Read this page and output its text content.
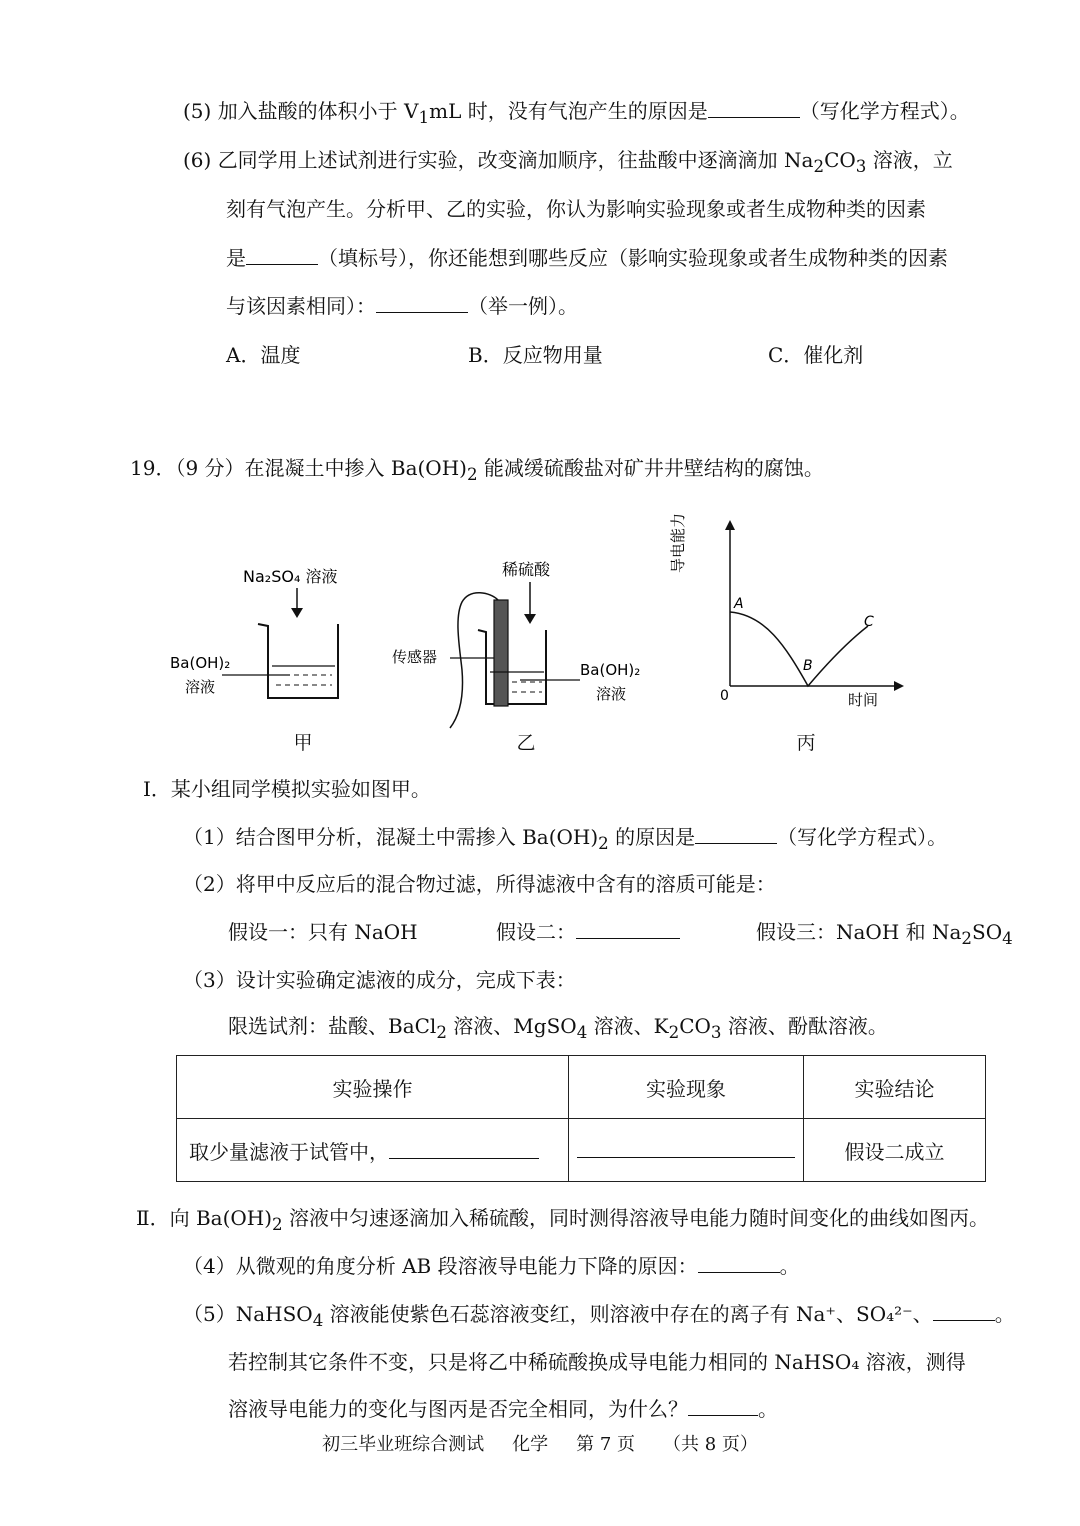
(5) 加入盐酸的体积小于 $V_1mL$ 时，没有气泡产生的原因是	（写化学方程式）。
(6) 乙同学用上述试剂进行实验，改变滴加顺序，往盐酸中逐滴滴加 $Na_2CO_3$ 溶液，立
刻有气泡产生。分析甲、乙的实验，你认为影响实验现象或者生成物种类的因素
是	（填标号），你还能想到哪些反应（影响实验现象或者生成物种类的因素
与该因素相同）：	（举一例）。
A．温度	B．反应物用量	C．催化剂
19．（9 分）在混凝土中掺入 $Ba(OH)_2$ 能减缓硫酸盐对矿井井壁结构的腐蚀。
Na₂SO₄ 溶液
Ba(OH)₂
溶液
稀硫酸
传感器
Ba(OH)₂
溶液
导电能力
时间
0
A
B
C
甲	乙	丙
Ⅰ．某小组同学模拟实验如图甲。
（1）结合图甲分析，混凝土中需掺入 $Ba(OH)_2$ 的原因是	（写化学方程式）。
（2）将甲中反应后的混合物过滤，所得滤液中含有的溶质可能是：
假设一：只有 NaOH	假设二：	假设三：NaOH 和 $Na_2SO_4$
（3）设计实验确定滤液的成分，完成下表：
限选试剂：盐酸、BaCl$_2$ 溶液、MgSO$_4$ 溶液、$K_2CO_3$ 溶液、酚酞溶液。
实验操作	实验现象	实验结论
取少量滤液于试管中，		假设二成立
Ⅱ．向 $Ba(OH)_2$ 溶液中匀速逐滴加入稀硫酸，同时测得溶液导电能力随时间变化的曲线如图丙。
（4）从微观的角度分析 AB 段溶液导电能力下降的原因：	。
（5）NaHSO$_4$ 溶液能使紫色石蕊溶液变红，则溶液中存在的离子有 Na⁺、SO₄²⁻、	。
若控制其它条件不变，只是将乙中稀硫酸换成导电能力相同的 NaHSO₄ 溶液，测得
溶液导电能力的变化与图丙是否完全相同，为什么？	。
初三毕业班综合测试 化学 第 7 页 （共 8 页）
